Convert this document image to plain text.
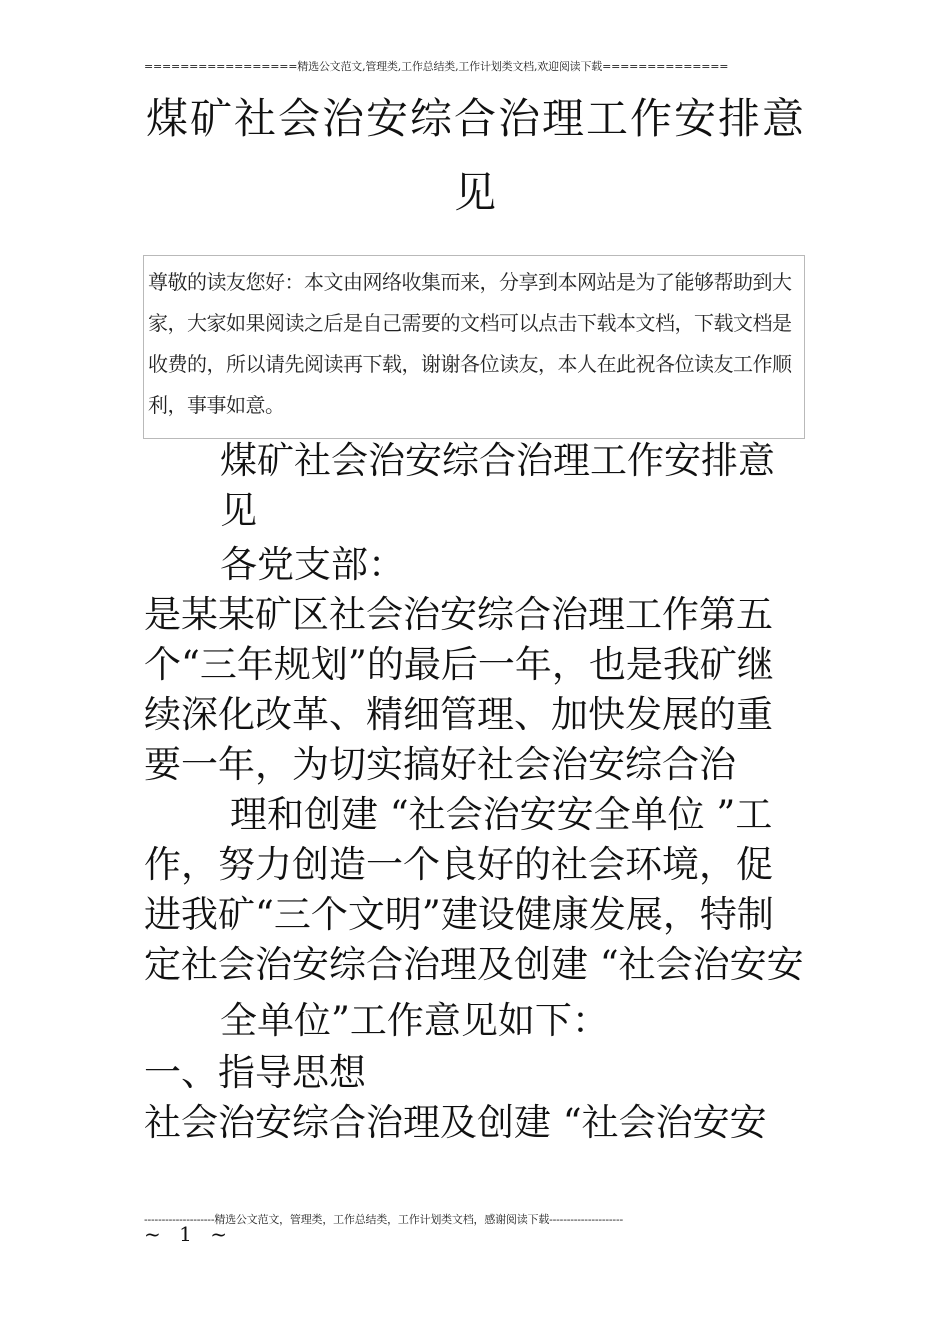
=================精选公文范文,管理类,工作总结类,工作计划类文档,欢迎阅读下载==============
煤矿社会治安综合治理工作安排意
见
尊敬的读友您好：本文由网络收集而来，分享到本网站是为了能够帮助到大家，大家如果阅读之后是自己需要的文档可以点击下载本文档，下载文档是收费的，所以请先阅读再下载，谢谢各位读友，本人在此祝各位读友工作顺利，事事如意。

煤矿社会治安综合治理工作安排意见

各党支部：

是某某矿区社会治安综合治理工作第五个“三年规划”的最后一年，也是我矿继续深化改革、精细管理、加快发展的重要一年，为切实搞好社会治安综合治

理和创建 “社会治安安全单位 ”工

作，努力创造一个良好的社会环境，促进我矿“三个文明”建设健康发展，特制定社会治安综合治理及创建 “社会治安安

全单位”工作意见如下：

一、指导思想

社会治安综合治理及创建 “社会治安安

--------------------精选公文范文，管理类，工作总结类，工作计划类文档，感谢阅读下载---------------------
~ 1 ~
